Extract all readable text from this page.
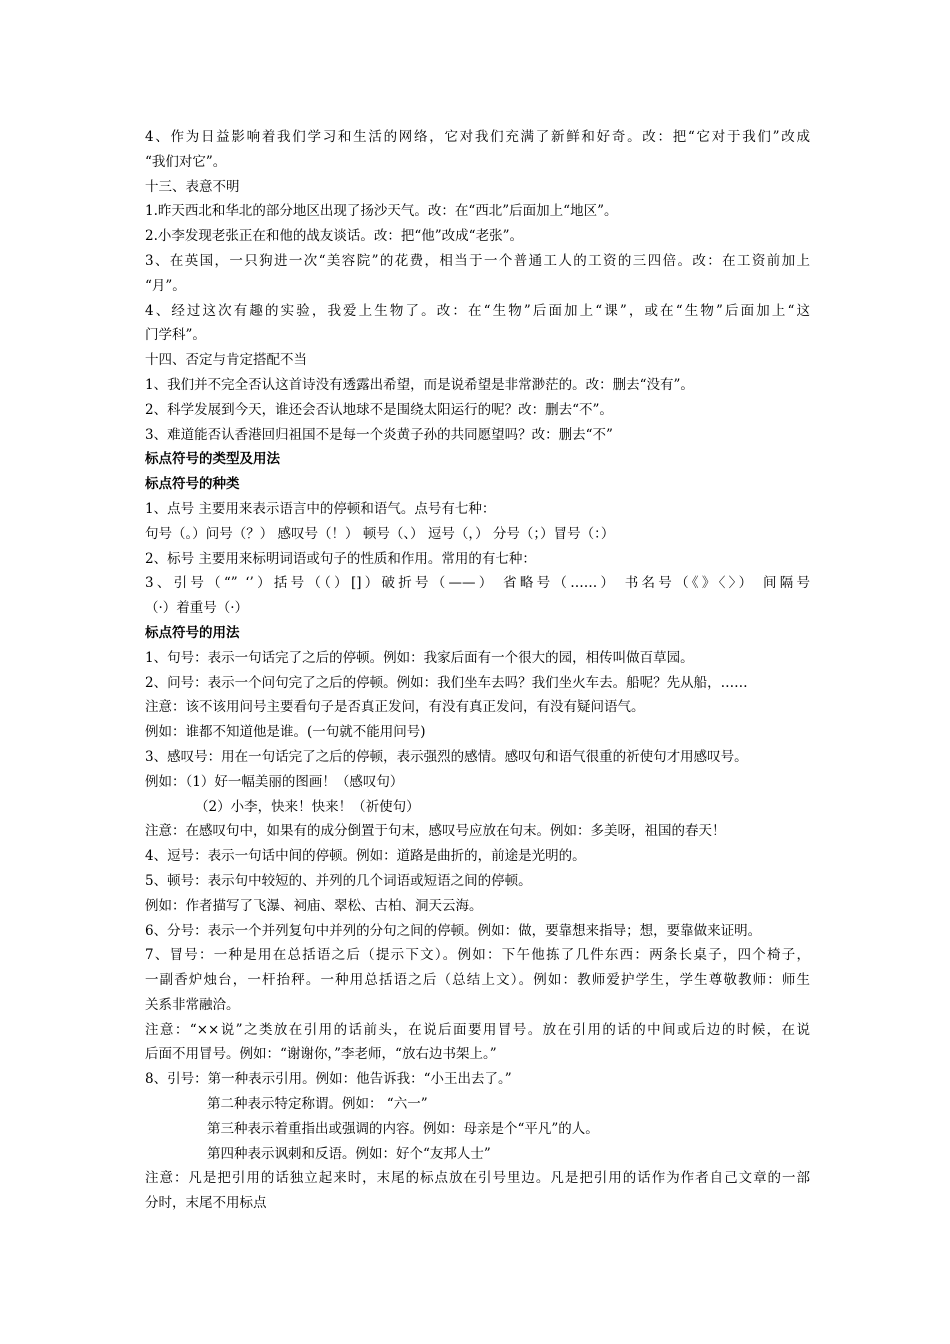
4、作为日益影响着我们学习和生活的网络，它对我们充满了新鲜和好奇。改：把“它对于我们”改成
“我们对它”。
十三、表意不明
1.昨天西北和华北的部分地区出现了扬沙天气。改：在“西北”后面加上“地区”。
2.小李发现老张正在和他的战友谈话。改：把“他”改成“老张”。
3、在英国，一只狗进一次“美容院”的花费，相当于一个普通工人的工资的三四倍。改：在工资前加上
“月”。
4、经过这次有趣的实验，我爱上生物了。改：在“生物”后面加上“课”，或在“生物”后面加上“这
门学科”。
十四、否定与肯定搭配不当
1、我们并不完全否认这首诗没有透露出希望，而是说希望是非常渺茫的。改：删去“没有”。
2、科学发展到今天，谁还会否认地球不是围绕太阳运行的呢？改：删去“不”。
3、难道能否认香港回归祖国不是每一个炎黄子孙的共同愿望吗？改：删去“不”
标点符号的类型及用法
标点符号的种类
1、点号 主要用来表示语言中的停顿和语气。点号有七种：
句号（。）问号（？） 感叹号（！） 顿号（、） 逗号（，） 分号（；）冒号（：）
2、标号 主要用来标明词语或句子的性质和作用。常用的有七种：
3、引号（“” ‘’）括号（（）[]）破折号（——） 省略号（……） 书名号（《》〈〉） 间隔号
（·）着重号（·）
标点符号的用法
1、句号：表示一句话完了之后的停顿。例如：我家后面有一个很大的园，相传叫做百草园。
2、问号：表示一个问句完了之后的停顿。例如：我们坐车去吗？我们坐火车去。船呢？先从船，……
注意：该不该用问号主要看句子是否真正发问，有没有真正发问，有没有疑问语气。
例如：谁都不知道他是谁。(一句就不能用问号)
3、感叹号：用在一句话完了之后的停顿，表示强烈的感情。感叹句和语气很重的祈使句才用感叹号。
例如：（1）好一幅美丽的图画！（感叹句）
（2）小李，快来！快来！（祈使句）
注意：在感叹句中，如果有的成分倒置于句末，感叹号应放在句末。例如：多美呀，祖国的春天！
4、逗号：表示一句话中间的停顿。例如：道路是曲折的，前途是光明的。
5、顿号：表示句中较短的、并列的几个词语或短语之间的停顿。
例如：作者描写了飞瀑、祠庙、翠松、古柏、洞天云海。
6、分号：表示一个并列复句中并列的分句之间的停顿。例如：做，要靠想来指导；想，要靠做来证明。
7、冒号：一种是用在总括语之后（提示下文）。例如：下午他拣了几件东西：两条长桌子，四个椅子，
一副香炉烛台，一杆抬秤。一种用总括语之后（总结上文）。例如：教师爱护学生，学生尊敬教师：师生
关系非常融洽。
注意：“××说”之类放在引用的话前头，在说后面要用冒号。放在引用的话的中间或后边的时候，在说
后面不用冒号。例如：“谢谢你，”李老师，“放右边书架上。”
8、引号：第一种表示引用。例如：他告诉我：“小王出去了。”
第二种表示特定称谓。例如： “六一”
第三种表示着重指出或强调的内容。例如：母亲是个“平凡”的人。
第四种表示讽刺和反语。例如：好个“友邦人士”
注意：凡是把引用的话独立起来时，末尾的标点放在引号里边。凡是把引用的话作为作者自己文章的一部
分时，末尾不用标点
